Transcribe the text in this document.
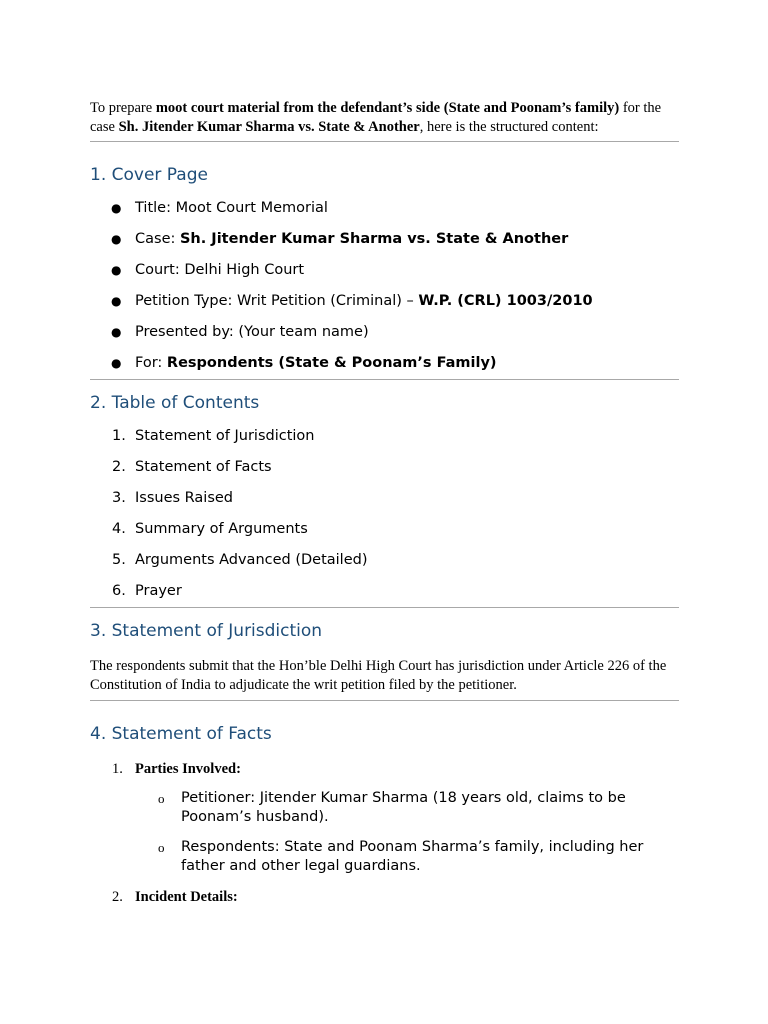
To prepare moot court material from the defendant’s side (State and Poonam’s family) for the case Sh. Jitender Kumar Sharma vs. State & Another, here is the structured content:

1. Cover Page
● Title: Moot Court Memorial
● Case: Sh. Jitender Kumar Sharma vs. State & Another
● Court: Delhi High Court
● Petition Type: Writ Petition (Criminal) – W.P. (CRL) 1003/2010
● Presented by: (Your team name)
● For: Respondents (State & Poonam’s Family)
2. Table of Contents
1. Statement of Jurisdiction
2. Statement of Facts
3. Issues Raised
4. Summary of Arguments
5. Arguments Advanced (Detailed)
6. Prayer
3. Statement of Jurisdiction

The respondents submit that the Hon’ble Delhi High Court has jurisdiction under Article 226 of the Constitution of India to adjudicate the writ petition filed by the petitioner.

4. Statement of Facts
1. Parties Involved:
o Petitioner: Jitender Kumar Sharma (18 years old, claims to be Poonam’s husband).
o Respondents: State and Poonam Sharma’s family, including her father and other legal guardians.
2. Incident Details:
